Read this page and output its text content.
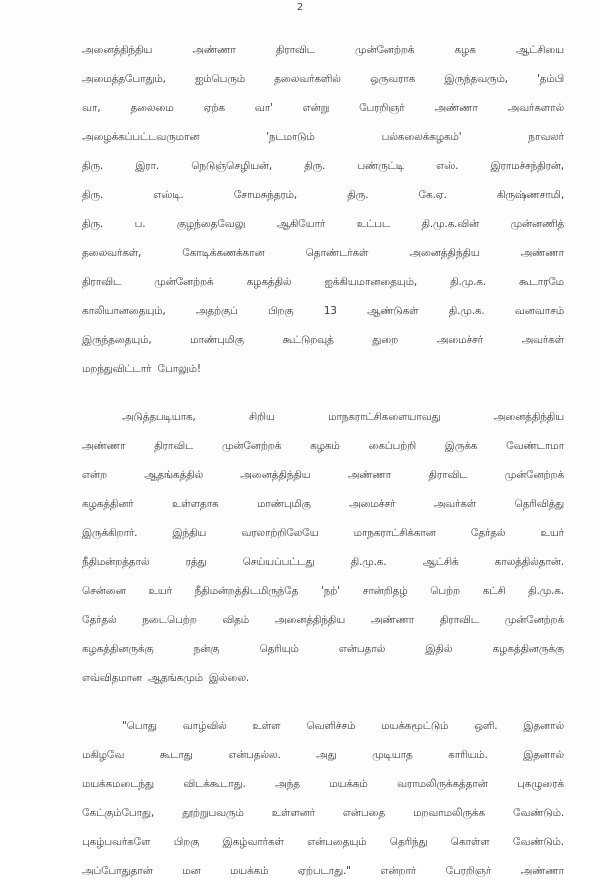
2
அனைத்திந்திய	அண்ணா	திராவிட	முன்னேற்றக்	கழக	ஆட்சியை
அமைத்தபோதும்,	ஐம்பெரும்	தலைவர்களில்	ஒருவராக	இருந்தவரும்,	'தம்பி
வா,	தலைமை	ஏற்க	வா'	என்று	பேரறிஞர்	அண்ணா	அவர்களால்
அழைக்கப்பட்டவருமான	'நடமாடும்	பல்கலைக்கழகம்'	நாவலர்
திரு.	இரா.	நெடுஞ்செழியன்,	திரு.	பண்ருட்டி	எஸ்.	இராமச்சந்திரன்,
திரு.	எஸ்டி.	சோமசுந்தரம்,	திரு.	கே.ஏ.	கிருஷ்ணசாமி,
திரு.	ப.	குழந்தைவேலு	ஆகியோர்	உட்பட	தி.மு.க.வின்	முன்னணித்
தலைவர்கள்,	கோடிக்கணக்கான	தொண்டர்கள்	அனைத்திந்திய	அண்ணா
திராவிட	முன்னேற்றக்	கழகத்தில்	ஐக்கியமானதையும்,	தி.மு.க.	கூடாரமே
காலியானதையும்,	அதற்குப்	பிறகு	13	ஆண்டுகள்	தி.மு.க.	வனவாசம்
இருந்ததையும்,	மாண்புமிகு	கூட்டுறவுத்	துறை	அமைச்சர்	அவர்கள்
மறந்துவிட்டார் போலும்!
அடுத்தபடியாக,	சிறிய	மாநகராட்சிகளையாவது	அனைத்திந்திய
அண்ணா	திராவிட	முன்னேற்றக்	கழகம்	கைப்பற்றி	இருக்க	வேண்டாமா
என்ற	ஆதங்கத்தில்	அனைத்திந்திய	அண்ணா	திராவிட	முன்னேற்றக்
கழகத்தினர்	உள்ளதாக	மாண்புமிகு	அமைச்சர்	அவர்கள்	தெரிவித்து
இருக்கிறார்.	இந்திய	வரலாற்றிலேயே	மாநகராட்சிக்கான	தேர்தல்	உயர்
நீதிமன்றத்தால்	ரத்து	செய்யப்பட்டது	தி.மு.க.	ஆட்சிக்	காலத்தில்தான்.
சென்னை உயர் நீதிமன்றத்திடமிருந்தே 'நற்' சான்றிதழ் பெற்ற கட்சி தி.மு.க.
தேர்தல் நடைபெற்ற விதம் அனைத்திந்திய அண்ணா திராவிட முன்னேற்றக்
கழகத்தினருக்கு	நன்கு	தெரியும்	என்பதால்	இதில்	கழகத்தினருக்கு
எவ்விதமான ஆதங்கமும் இல்லை.
"பொது வாழ்வில் உள்ள வெளிச்சம் மயக்கமூட்டும் ஒளி. இதனால்
மகிழவே	கூடாது	என்பதல்ல.	அது	முடியாத	காரியம்.	இதனால்
மயக்கமடைந்து	விடக்கூடாது.	அந்த	மயக்கம்	வராமலிருக்கத்தான்	புகழுரைக்
கேட்கும்போது,	தூற்றுபவரும்	உள்ளனர்	என்பதை	மறவாமலிருக்க	வேண்டும்.
புகழ்பவர்களே பிறகு இகழ்வார்கள் என்பதையும் தெரிந்து கொள்ள வேண்டும்.
அப்போதுதான்	மன	மயக்கம்	ஏற்படாது."	என்றார்	பேரறிஞர்	அண்ணா
